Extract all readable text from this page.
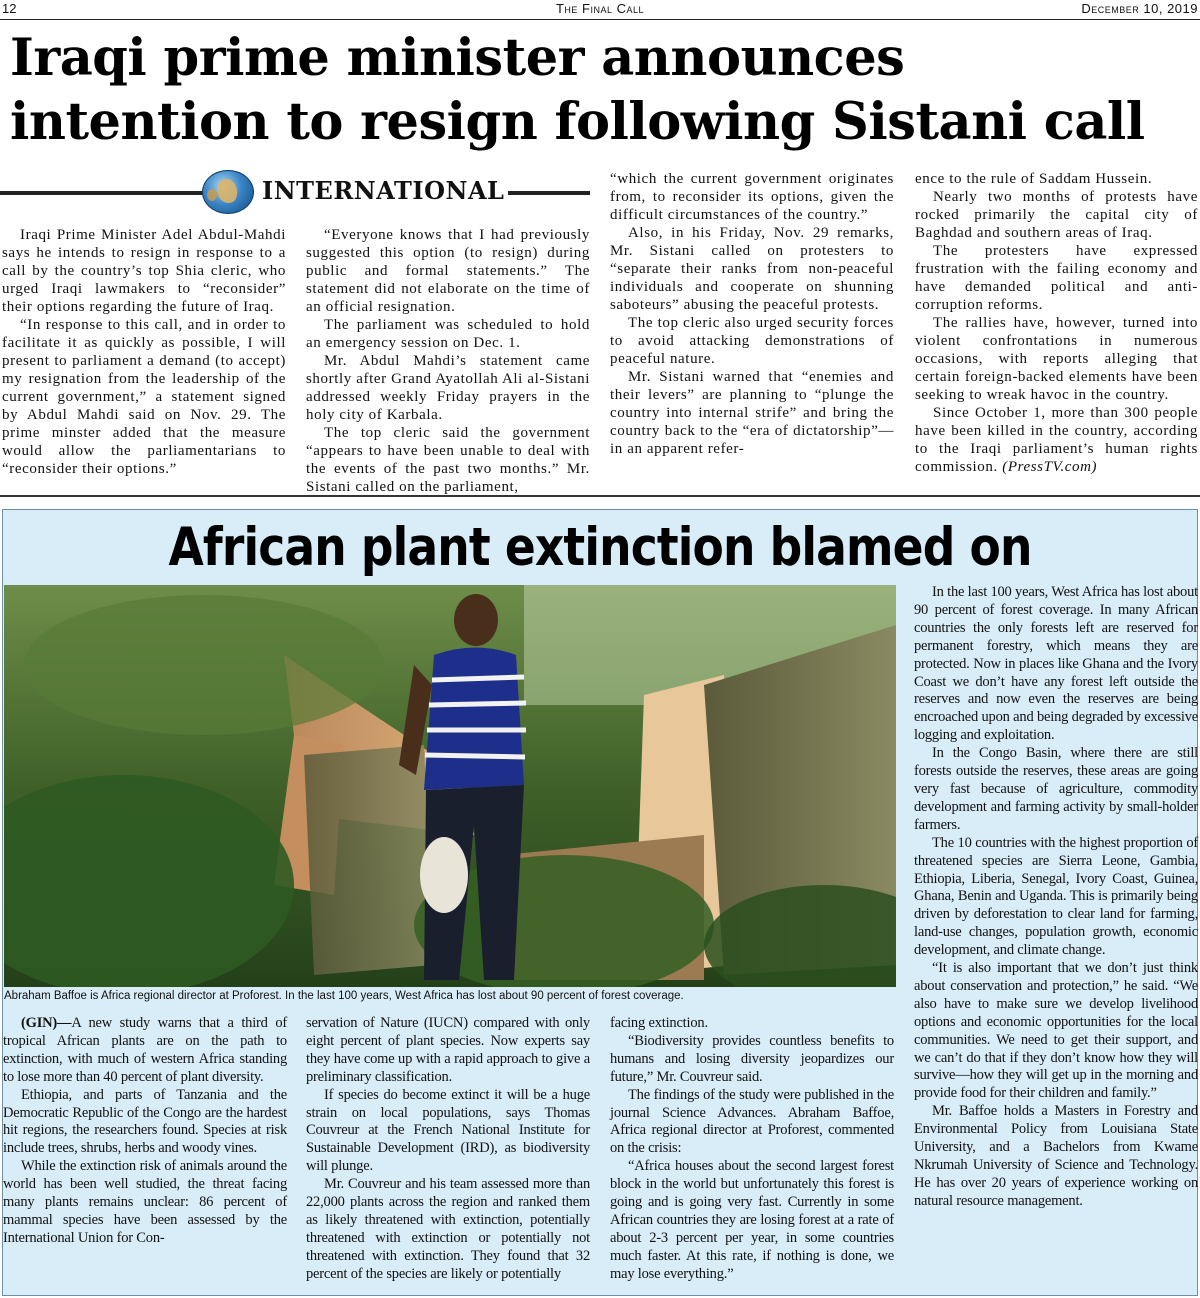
12	The Final Call	December 10, 2019
Iraqi prime minister announces
intention to resign following Sistani call
INTERNATIONAL

Iraqi Prime Minister Adel Abdul-Mahdi says he intends to resign in response to a call by the country’s top Shia cleric, who urged Iraqi lawmakers to “reconsider” their options regarding the future of Iraq.

“In response to this call, and in order to facilitate it as quickly as possible, I will present to parliament a demand (to accept) my resignation from the leadership of the current government,” a statement signed by Abdul Mahdi said on Nov. 29. The prime minster added that the measure would allow the parliamentarians to “reconsider their options.”

“Everyone knows that I had previously suggested this option (to resign) during public and formal statements.” The statement did not elaborate on the time of an official resignation.

The parliament was scheduled to hold an emergency session on Dec. 1.

Mr. Abdul Mahdi’s statement came shortly after Grand Ayatollah Ali al-Sistani addressed weekly Friday prayers in the holy city of Karbala.

The top cleric said the government “appears to have been unable to deal with the events of the past two months.” Mr. Sistani called on the parliament,

“which the current government originates from, to reconsider its options, given the difficult circumstances of the country.”

Also, in his Friday, Nov. 29 remarks, Mr. Sistani called on protesters to “separate their ranks from non-peaceful individuals and cooperate on shunning saboteurs” abusing the peaceful protests.

The top cleric also urged security forces to avoid attacking demonstrations of peaceful nature.

Mr. Sistani warned that “enemies and their levers” are planning to “plunge the country into internal strife” and bring the country back to the “era of dictatorship”—in an apparent refer-

ence to the rule of Saddam Hussein.

Nearly two months of protests have rocked primarily the capital city of Baghdad and southern areas of Iraq.

The protesters have expressed frustration with the failing economy and have demanded political and anti-corruption reforms.

The rallies have, however, turned into violent confrontations in numerous occasions, with reports alleging that certain foreign-backed elements have been seeking to wreak havoc in the country.

Since October 1, more than 300 people have been killed in the country, according to the Iraqi parliament’s human rights commission. (PressTV.com)

African plant extinction blamed on
Abraham Baffoe is Africa regional director at Proforest. In the last 100 years, West Africa has lost about 90 percent of forest coverage.

(GIN)—A new study warns that a third of tropical African plants are on the path to extinction, with much of western Africa standing to lose more than 40 percent of plant diversity.

Ethiopia, and parts of Tanzania and the Democratic Republic of the Congo are the hardest hit regions, the researchers found. Species at risk include trees, shrubs, herbs and woody vines.

While the extinction risk of animals around the world has been well studied, the threat facing many plants remains unclear: 86 percent of mammal species have been assessed by the International Union for Con-

servation of Nature (IUCN) compared with only eight percent of plant species. Now experts say they have come up with a rapid approach to give a preliminary classification.

If species do become extinct it will be a huge strain on local populations, says Thomas Couvreur at the French National Institute for Sustainable Development (IRD), as biodiversity will plunge.

Mr. Couvreur and his team assessed more than 22,000 plants across the region and ranked them as likely threatened with extinction, potentially threatened with extinction or potentially not threatened with extinction. They found that 32 percent of the species are likely or potentially

facing extinction.

“Biodiversity provides countless benefits to humans and losing diversity jeopardizes our future,” Mr. Couvreur said.

The findings of the study were published in the journal Science Advances. Abraham Baffoe, Africa regional director at Proforest, commented on the crisis:

“Africa houses about the second largest forest block in the world but unfortunately this forest is going and is going very fast. Currently in some African countries they are losing forest at a rate of about 2-3 percent per year, in some countries much faster. At this rate, if nothing is done, we may lose everything.”

In the last 100 years, West Africa has lost about 90 percent of forest coverage. In many African countries the only forests left are reserved for permanent forestry, which means they are protected. Now in places like Ghana and the Ivory Coast we don’t have any forest left outside the reserves and now even the reserves are being encroached upon and being degraded by excessive logging and exploitation.

In the Congo Basin, where there are still forests outside the reserves, these areas are going very fast because of agriculture, commodity development and farming activity by small-holder farmers.

The 10 countries with the highest proportion of threatened species are Sierra Leone, Gambia, Ethiopia, Liberia, Senegal, Ivory Coast, Guinea, Ghana, Benin and Uganda. This is primarily being driven by deforestation to clear land for farming, land-use changes, population growth, economic development, and climate change.

“It is also important that we don’t just think about conservation and protection,” he said. “We also have to make sure we develop livelihood options and economic opportunities for the local communities. We need to get their support, and we can’t do that if they don’t know how they will survive—how they will get up in the morning and provide food for their children and family.”

Mr. Baffoe holds a Masters in Forestry and Environmental Policy from Louisiana State University, and a Bachelors from Kwame Nkrumah University of Science and Technology. He has over 20 years of experience working on natural resource management.
